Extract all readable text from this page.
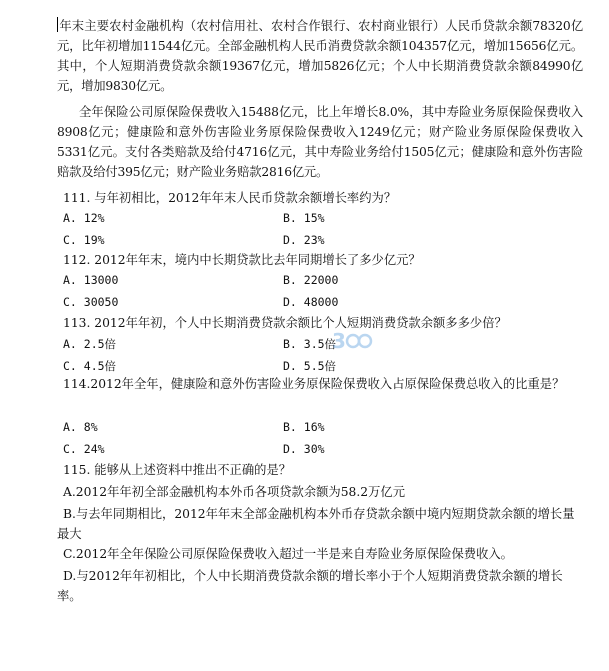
年末主要农村金融机构（农村信用社、农村合作银行、农村商业银行）人民币贷款余额78320亿元，比年初增加11544亿元。全部金融机构人民币消费贷款余额104357亿元，增加15656亿元。其中，个人短期消费贷款余额19367亿元，增加5826亿元；个人中长期消费贷款余额84990亿元，增加9830亿元。

全年保险公司原保险保费收入15488亿元，比上年增长8.0%，其中寿险业务原保险保费收入8908亿元；健康险和意外伤害险业务原保险保费收入1249亿元；财产险业务原保险保费收入5331亿元。支付各类赔款及给付4716亿元，其中寿险业务给付1505亿元；健康险和意外伤害险赔款及给付395亿元；财产险业务赔款2816亿元。

111. 与年初相比，2012年年末人民币贷款余额增长率约为？

A. 12%	B. 15%

C. 19%	D. 23%

112. 2012年年末，境内中长期贷款比去年同期增长了多少亿元？

A. 13000	B. 22000

C. 30050	D. 48000

113. 2012年年初，个人中长期消费贷款余额比个人短期消费贷款余额多多少倍？

A. 2.5倍	B. 3.5倍

C. 4.5倍	D. 5.5倍

3

114.2012年全年，健康险和意外伤害险业务原保险保费收入占原保险保费总收入的比重是？

A. 8%	B. 16%

C. 24%	D. 30%

115. 能够从上述资料中推出不正确的是？

A.2012年年初全部金融机构本外币各项贷款余额为58.2万亿元

B.与去年同期相比，2012年年末全部金融机构本外币存贷款余额中境内短期贷款余额的增长量最大

C.2012年全年保险公司原保险保费收入超过一半是来自寿险业务原保险保费收入。

D.与2012年年初相比，个人中长期消费贷款余额的增长率小于个人短期消费贷款余额的增长率。
